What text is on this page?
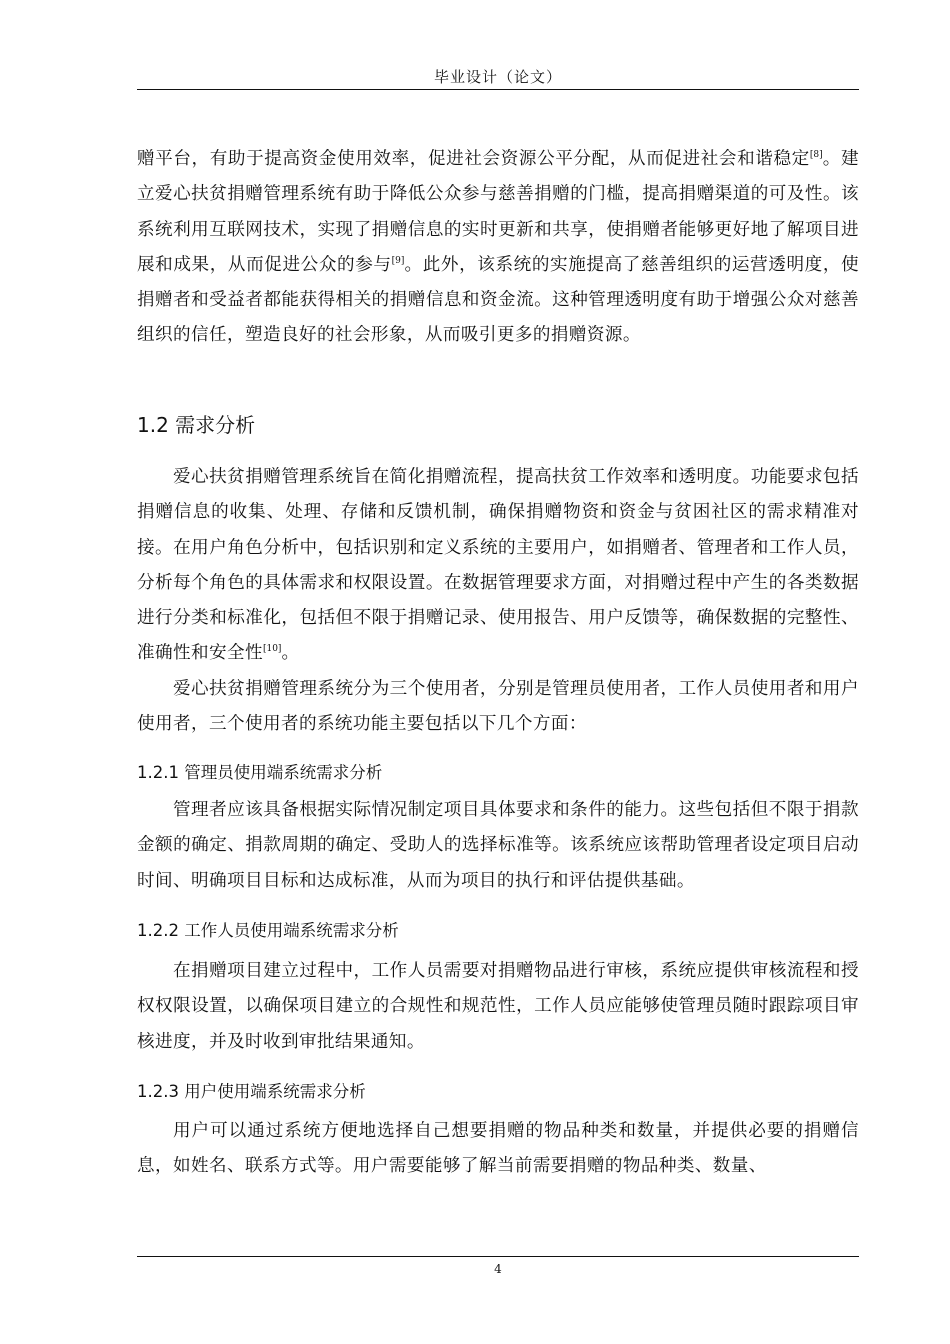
毕业设计（论文）

赠平台，有助于提高资金使用效率，促进社会资源公平分配，从而促进社会和谐稳定[8]。建立爱心扶贫捐赠管理系统有助于降低公众参与慈善捐赠的门槛，提高捐赠渠道的可及性。该系统利用互联网技术，实现了捐赠信息的实时更新和共享，使捐赠者能够更好地了解项目进展和成果，从而促进公众的参与[9]。此外，该系统的实施提高了慈善组织的运营透明度，使捐赠者和受益者都能获得相关的捐赠信息和资金流。这种管理透明度有助于增强公众对慈善组织的信任，塑造良好的社会形象，从而吸引更多的捐赠资源。

1.2 需求分析

爱心扶贫捐赠管理系统旨在简化捐赠流程，提高扶贫工作效率和透明度。功能要求包括捐赠信息的收集、处理、存储和反馈机制，确保捐赠物资和资金与贫困社区的需求精准对接。在用户角色分析中，包括识别和定义系统的主要用户，如捐赠者、管理者和工作人员，分析每个角色的具体需求和权限设置。在数据管理要求方面，对捐赠过程中产生的各类数据进行分类和标准化，包括但不限于捐赠记录、使用报告、用户反馈等，确保数据的完整性、准确性和安全性[10]。

爱心扶贫捐赠管理系统分为三个使用者，分别是管理员使用者，工作人员使用者和用户使用者，三个使用者的系统功能主要包括以下几个方面：

1.2.1 管理员使用端系统需求分析

管理者应该具备根据实际情况制定项目具体要求和条件的能力。这些包括但不限于捐款金额的确定、捐款周期的确定、受助人的选择标准等。该系统应该帮助管理者设定项目启动时间、明确项目目标和达成标准，从而为项目的执行和评估提供基础。

1.2.2 工作人员使用端系统需求分析

在捐赠项目建立过程中，工作人员需要对捐赠物品进行审核，系统应提供审核流程和授权权限设置，以确保项目建立的合规性和规范性，工作人员应能够使管理员随时跟踪项目审核进度，并及时收到审批结果通知。

1.2.3 用户使用端系统需求分析

用户可以通过系统方便地选择自己想要捐赠的物品种类和数量，并提供必要的捐赠信息，如姓名、联系方式等。用户需要能够了解当前需要捐赠的物品种类、数量、

4
